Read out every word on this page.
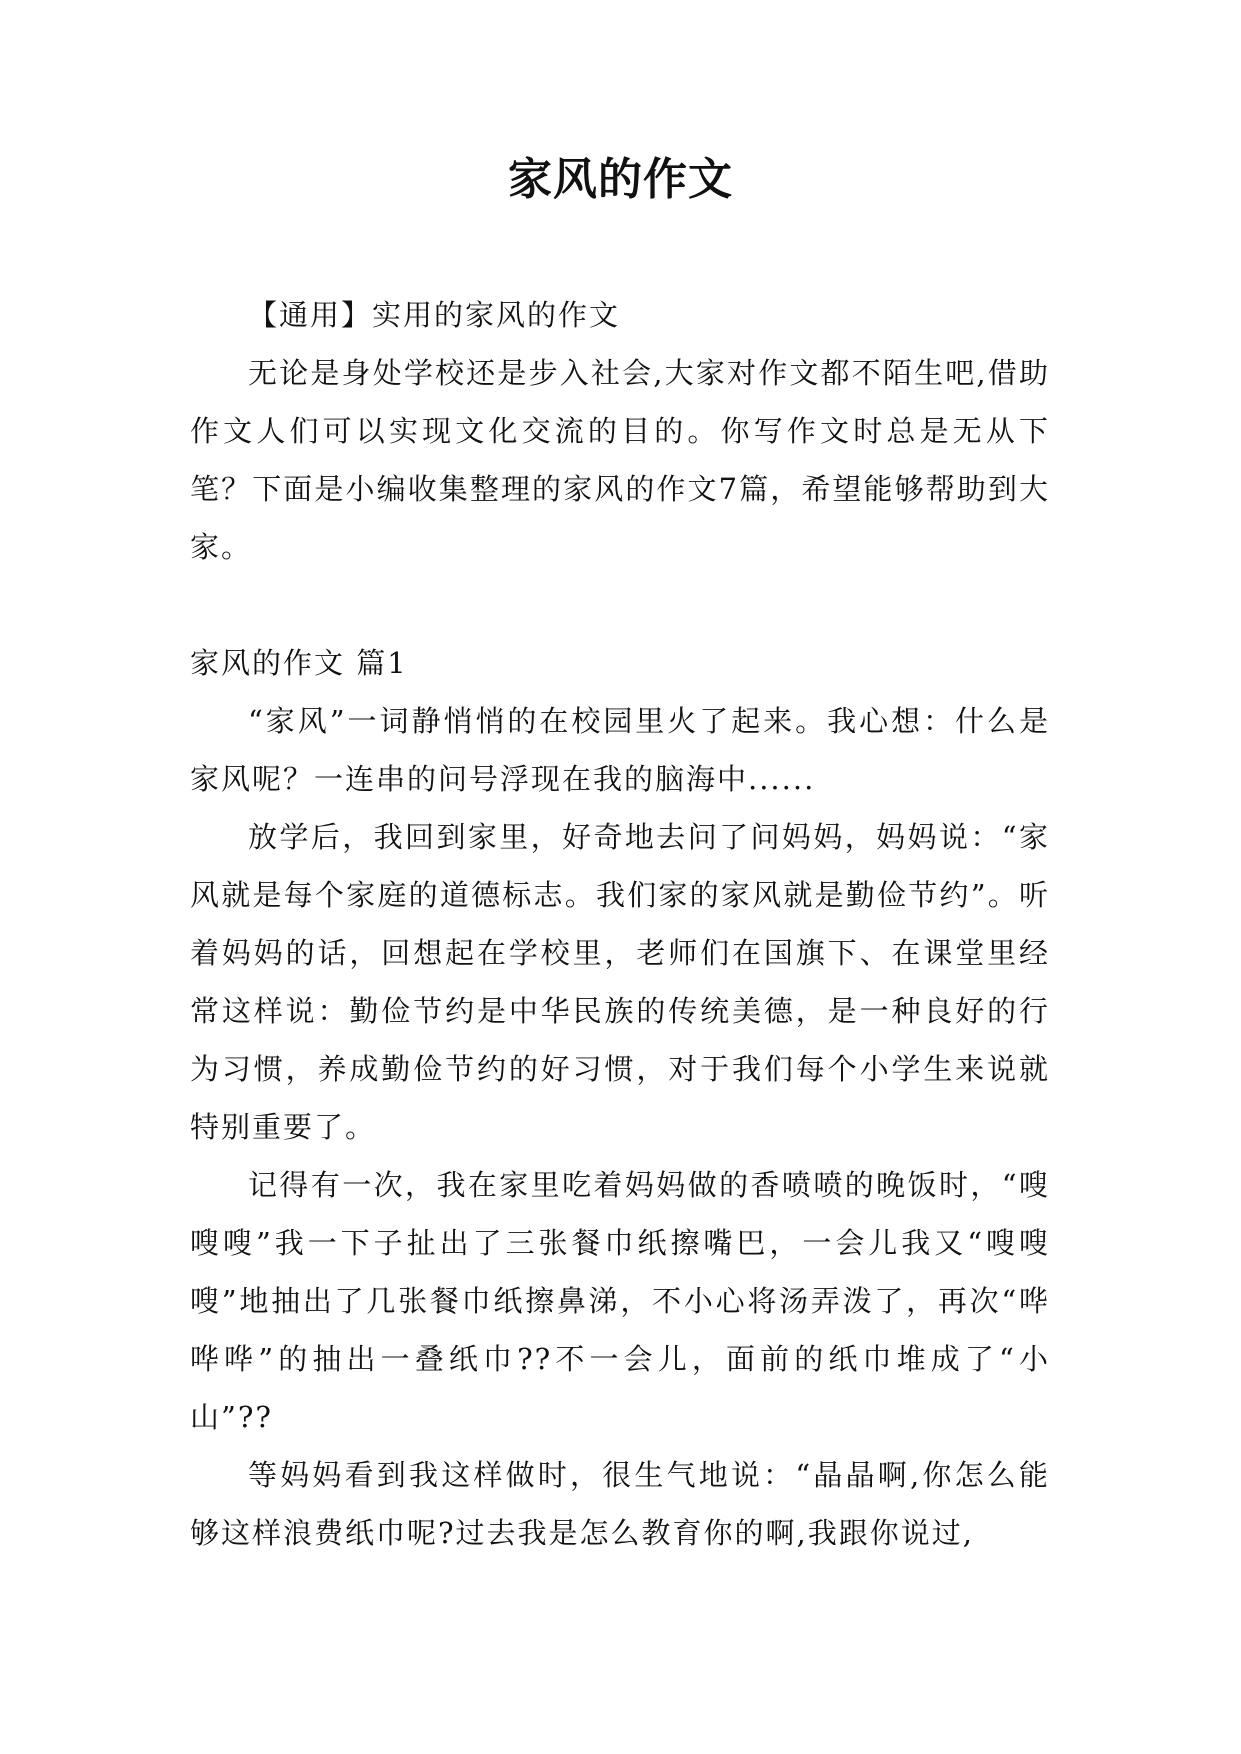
家风的作文

【通用】实用的家风的作文

无论是身处学校还是步入社会,大家对作文都不陌生吧,借助作文人们可以实现文化交流的目的。你写作文时总是无从下笔？下面是小编收集整理的家风的作文7篇，希望能够帮助到大家。

家风的作文 篇1

“家风”一词静悄悄的在校园里火了起来。我心想：什么是家风呢？一连串的问号浮现在我的脑海中......

放学后，我回到家里，好奇地去问了问妈妈，妈妈说：“家风就是每个家庭的道德标志。我们家的家风就是勤俭节约”。听着妈妈的话，回想起在学校里，老师们在国旗下、在课堂里经常这样说：勤俭节约是中华民族的传统美德，是一种良好的行为习惯，养成勤俭节约的好习惯，对于我们每个小学生来说就特别重要了。

记得有一次，我在家里吃着妈妈做的香喷喷的晚饭时，“嗖嗖嗖”我一下子扯出了三张餐巾纸擦嘴巴，一会儿我又“嗖嗖嗖”地抽出了几张餐巾纸擦鼻涕，不小心将汤弄泼了，再次“哗哗哗”的抽出一叠纸巾??不一会儿，面前的纸巾堆成了“小山”??

等妈妈看到我这样做时，很生气地说：“晶晶啊,你怎么能够这样浪费纸巾呢?过去我是怎么教育你的啊,我跟你说过,
